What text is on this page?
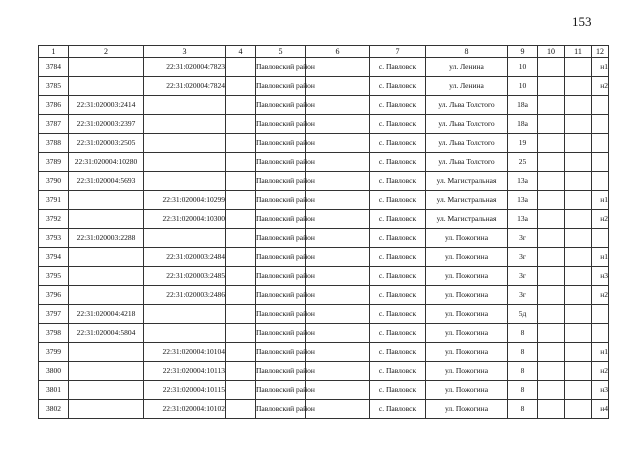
153
1	2	3	4	5	6	7	8	9	10	11	12
3784		22:31:020004:7823		Павловский район		с. Павловск	ул. Ленина	10			н1
3785		22:31:020004:7824		Павловский район		с. Павловск	ул. Ленина	10			н2
3786	22:31:020003:2414			Павловский район		с. Павловск	ул. Льва Толстого	18а			
3787	22:31:020003:2397			Павловский район		с. Павловск	ул. Льва Толстого	18а			
3788	22:31:020003:2505			Павловский район		с. Павловск	ул. Льва Толстого	19			
3789	22:31:020004:10280			Павловский район		с. Павловск	ул. Льва Толстого	25			
3790	22:31:020004:5693			Павловский район		с. Павловск	ул. Магистральная	13а			
3791		22:31:020004:10299		Павловский район		с. Павловск	ул. Магистральная	13а			н1
3792		22:31:020004:10300		Павловский район		с. Павловск	ул. Магистральная	13а			н2
3793	22:31:020003:2288			Павловский район		с. Павловск	ул. Пожогина	3г			
3794		22:31:020003:2484		Павловский район		с. Павловск	ул. Пожогина	3г			н1
3795		22:31:020003:2485		Павловский район		с. Павловск	ул. Пожогина	3г			н3
3796		22:31:020003:2486		Павловский район		с. Павловск	ул. Пожогина	3г			н2
3797	22:31:020004:4218			Павловский район		с. Павловск	ул. Пожогина	5д			
3798	22:31:020004:5804			Павловский район		с. Павловск	ул. Пожогина	8			
3799		22:31:020004:10104		Павловский район		с. Павловск	ул. Пожогина	8			н1
3800		22:31:020004:10113		Павловский район		с. Павловск	ул. Пожогина	8			н2
3801		22:31:020004:10115		Павловский район		с. Павловск	ул. Пожогина	8			н3
3802		22:31:020004:10102		Павловский район		с. Павловск	ул. Пожогина	8			н4
